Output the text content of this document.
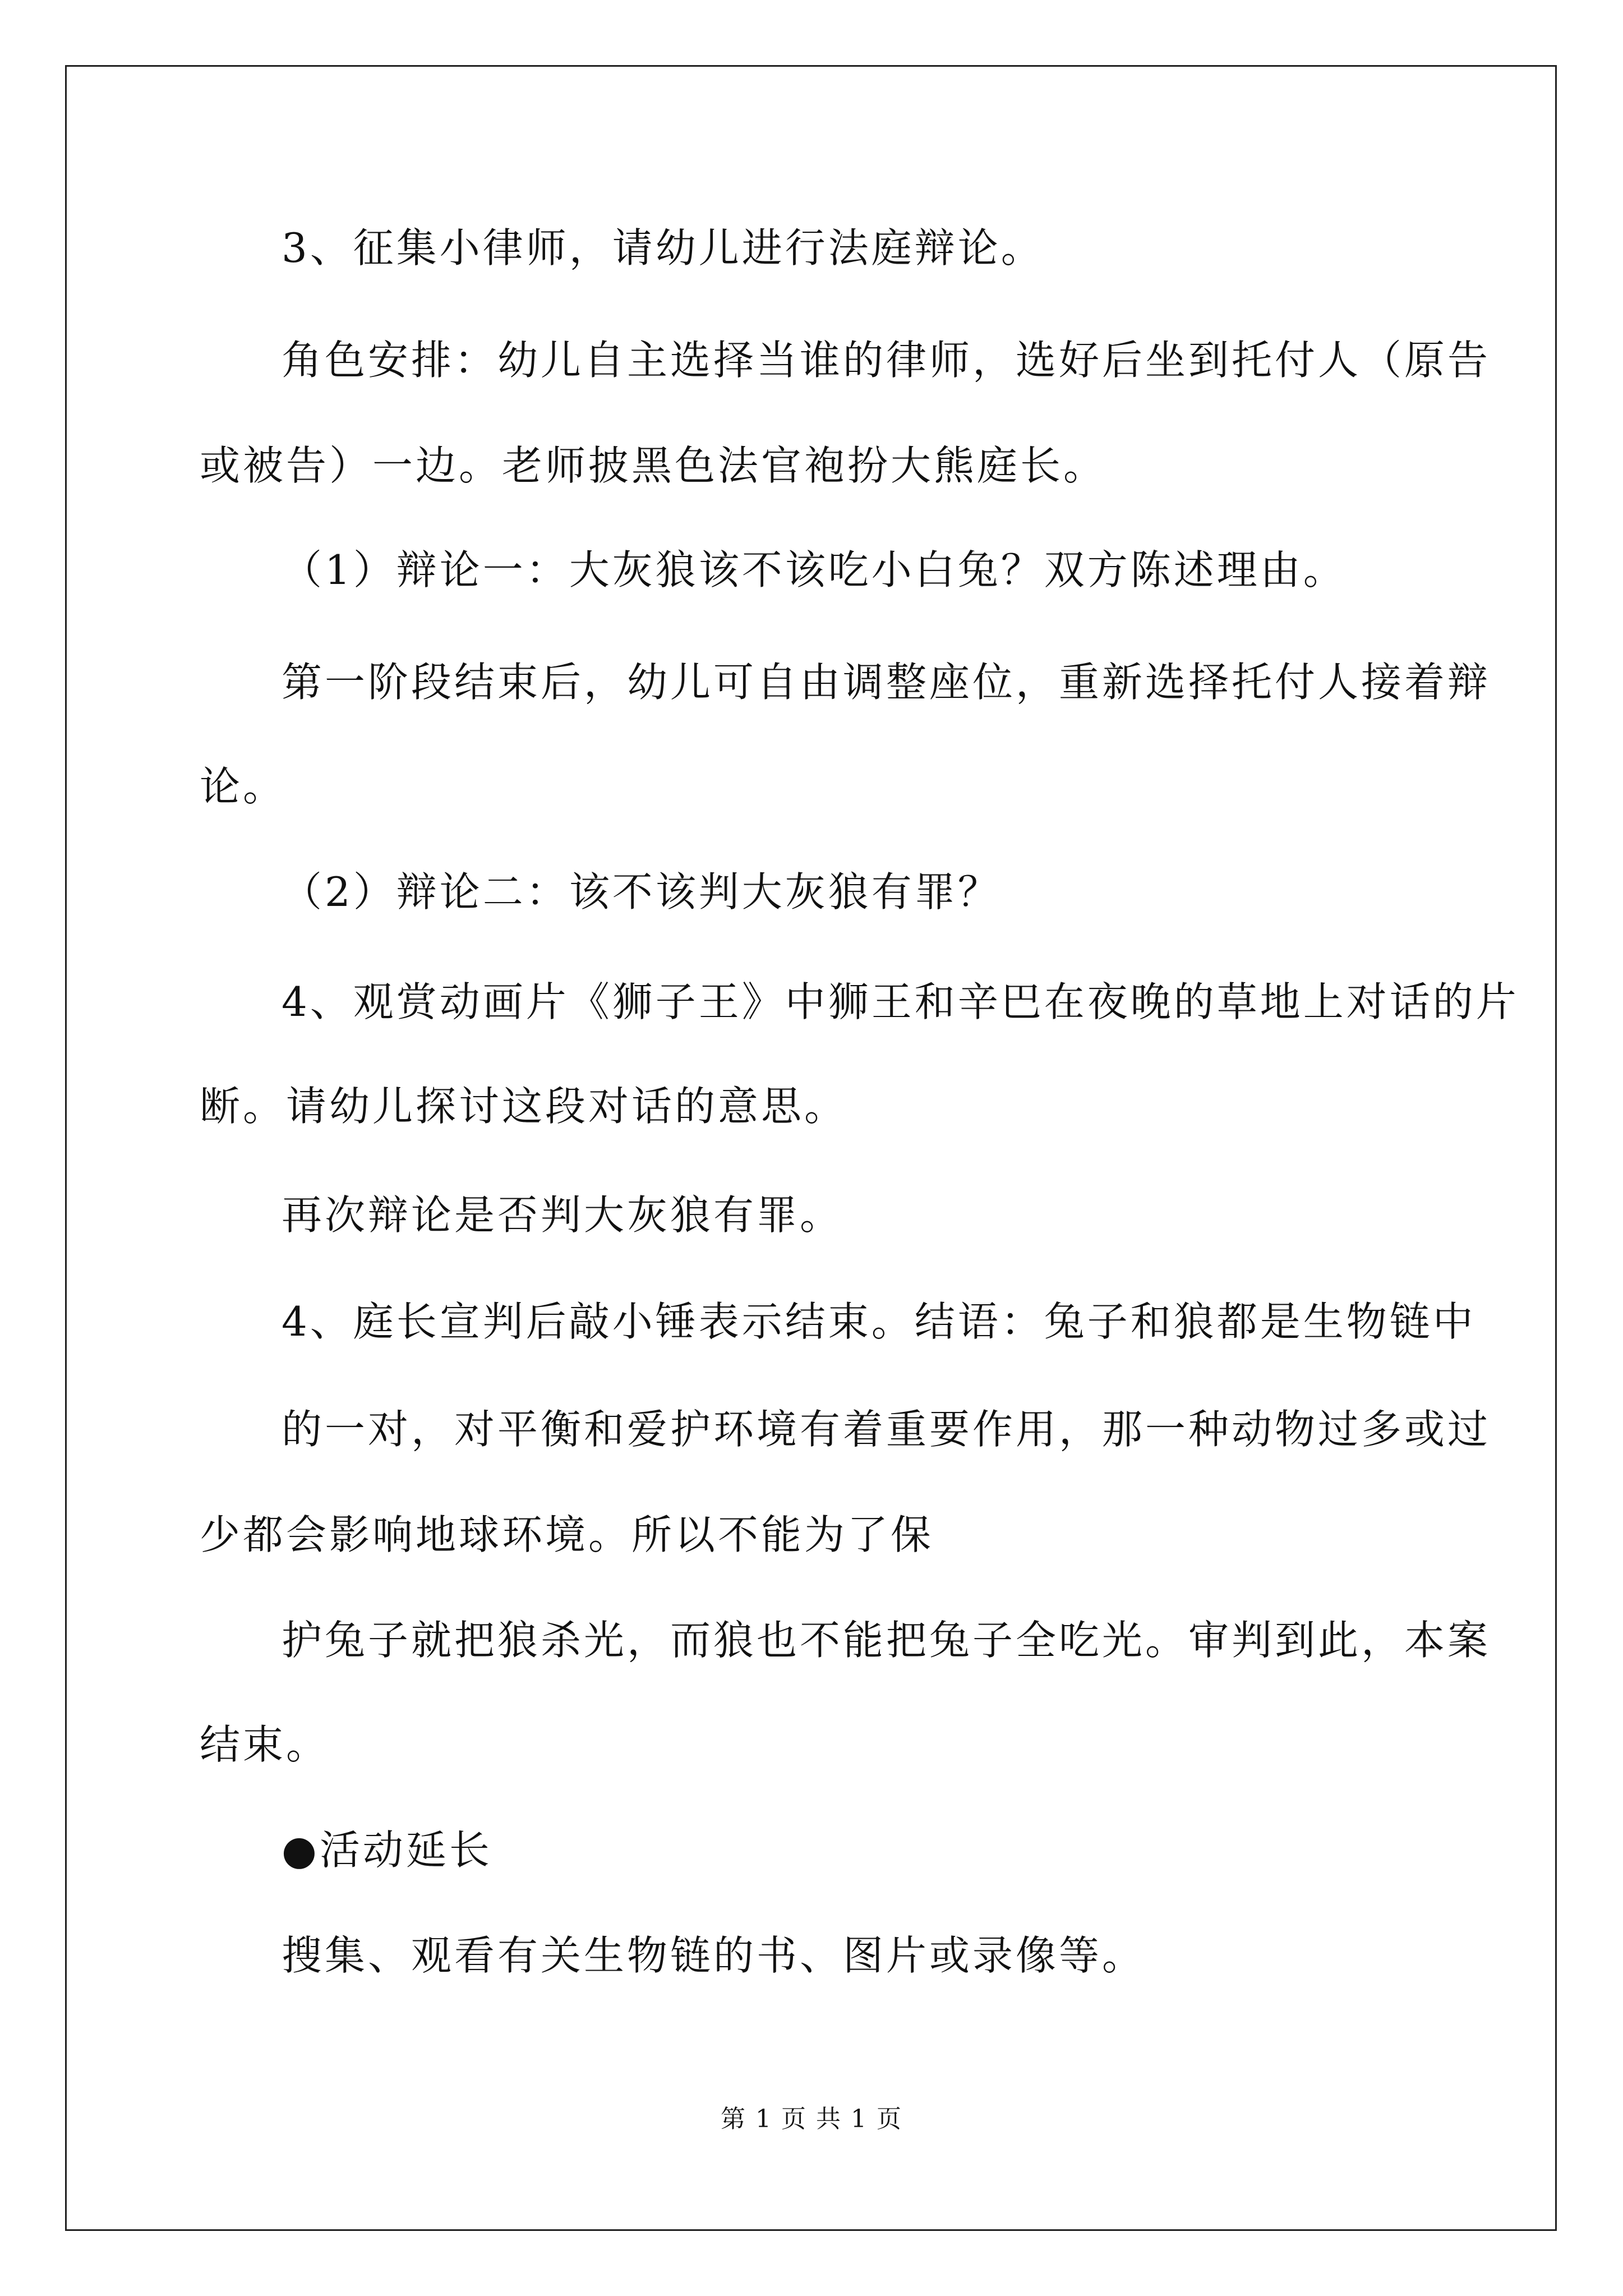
3、征集小律师，请幼儿进行法庭辩论。
角色安排：幼儿自主选择当谁的律师，选好后坐到托付人（原告
或被告）一边。老师披黑色法官袍扮大熊庭长。
（1）辩论一：大灰狼该不该吃小白兔？双方陈述理由。
第一阶段结束后，幼儿可自由调整座位，重新选择托付人接着辩
论。
（2）辩论二：该不该判大灰狼有罪？
4、观赏动画片《狮子王》中狮王和辛巴在夜晚的草地上对话的片
断。请幼儿探讨这段对话的意思。
再次辩论是否判大灰狼有罪。
4、庭长宣判后敲小锤表示结束。结语：兔子和狼都是生物链中
的一对，对平衡和爱护环境有着重要作用，那一种动物过多或过
少都会影响地球环境。所以不能为了保
护兔子就把狼杀光，而狼也不能把兔子全吃光。审判到此，本案
结束。
●活动延长
搜集、观看有关生物链的书、图片或录像等。
第 1 页 共 1 页
